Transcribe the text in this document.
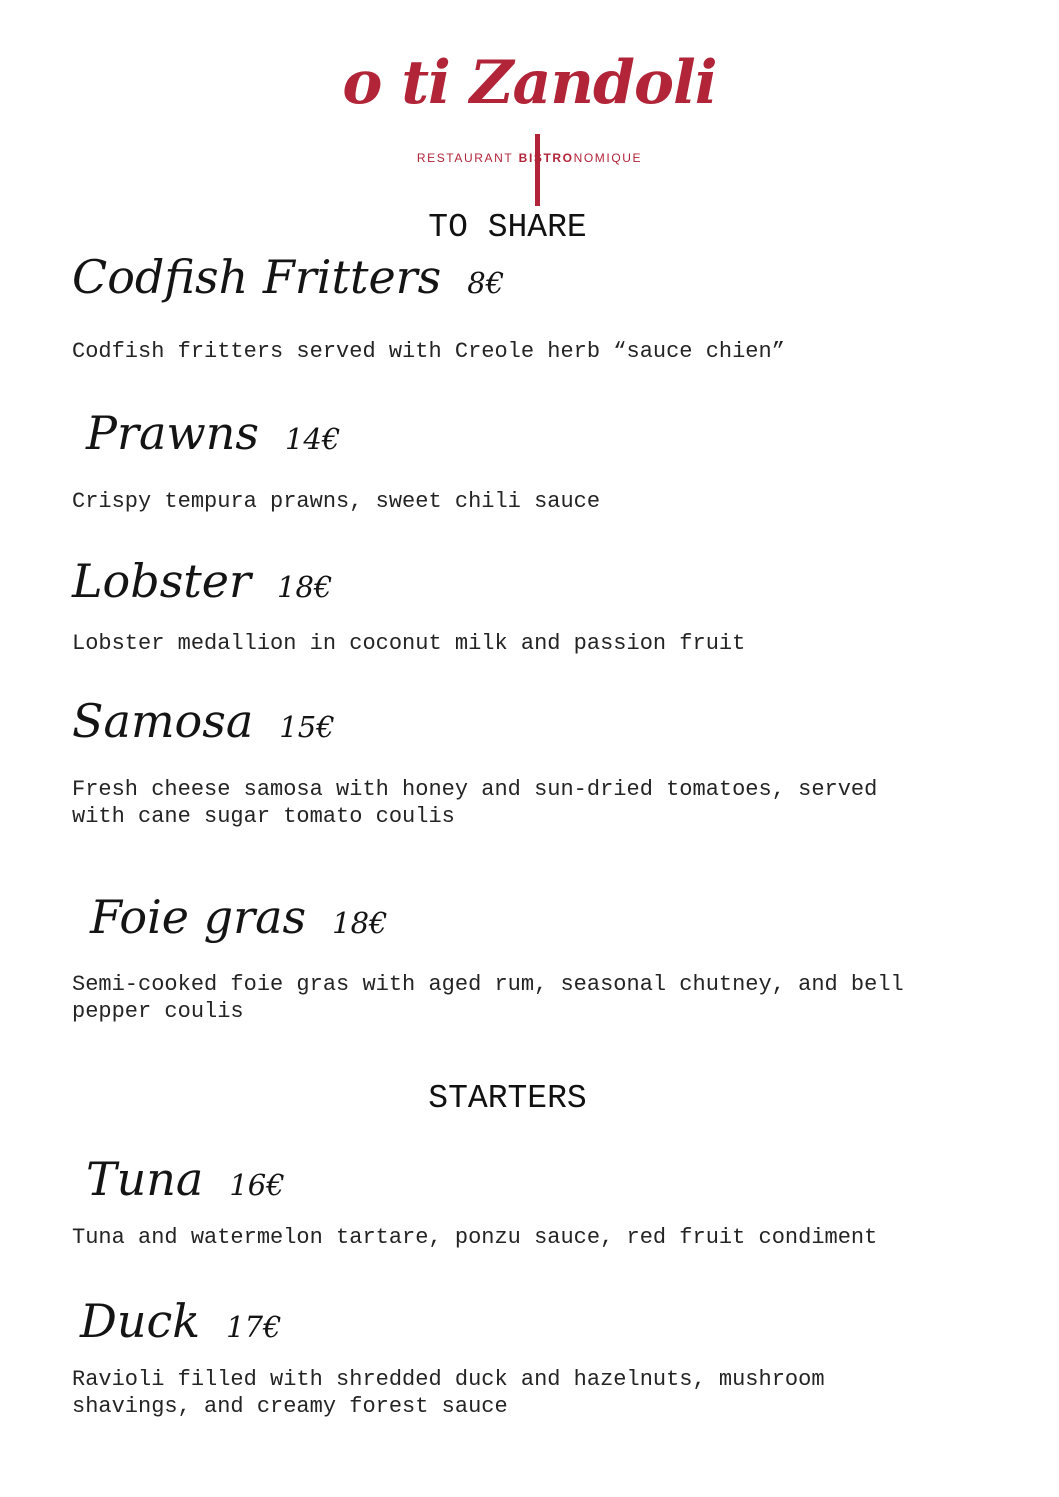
o ti Zandoli
RESTAURANT BISTRONOMIQUE
TO SHARE
Codfish Fritters 8€
Codfish fritters served with Creole herb “sauce chien”
Prawns 14€
Crispy tempura prawns, sweet chili sauce
Lobster 18€
Lobster medallion in coconut milk and passion fruit
Samosa 15€
Fresh cheese samosa with honey and sun-dried tomatoes, served
with cane sugar tomato coulis
Foie gras 18€
Semi-cooked foie gras with aged rum, seasonal chutney, and bell
pepper coulis
STARTERS
Tuna 16€
Tuna and watermelon tartare, ponzu sauce, red fruit condiment
Duck 17€
Ravioli filled with shredded duck and hazelnuts, mushroom
shavings, and creamy forest sauce
